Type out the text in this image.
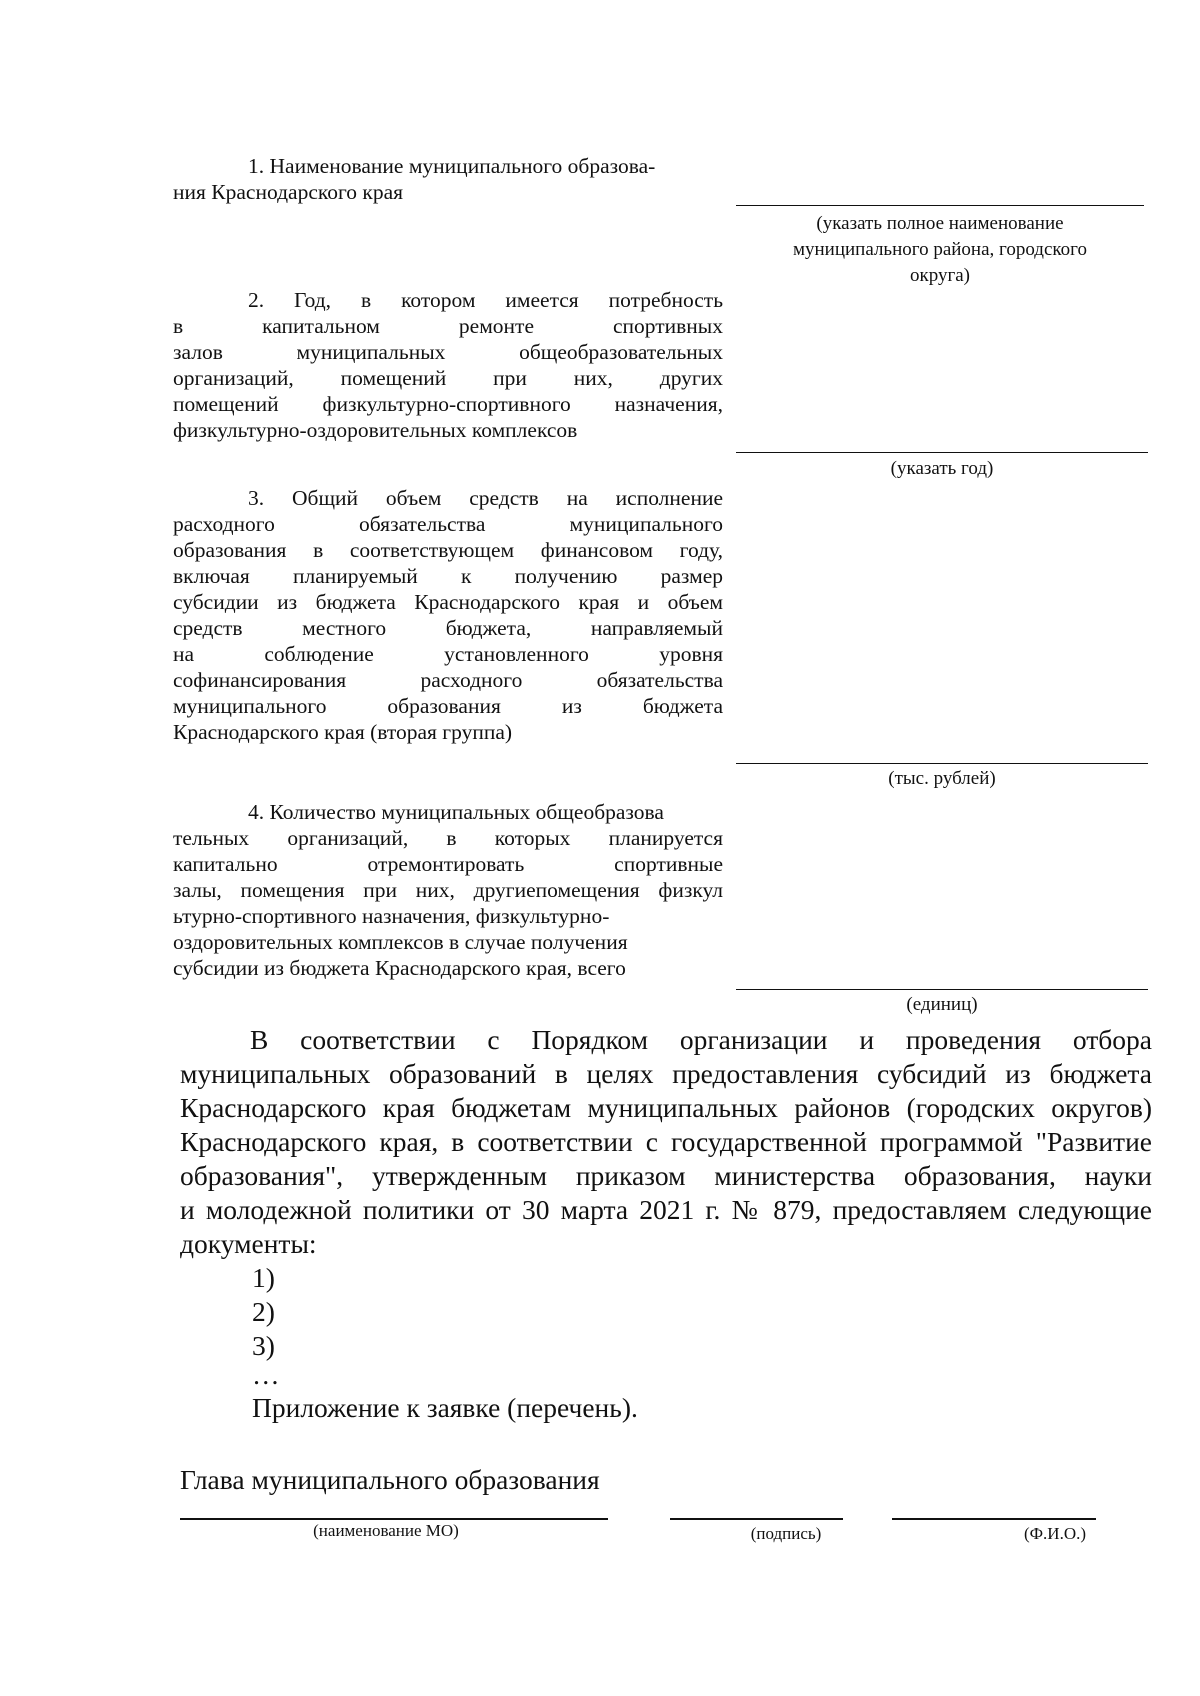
1. Наименование муниципального образова-
ния Краснодарского края
(указать полное наименование
муниципального района, городского
округа)
2. Год, в котором имеется потребность
в капитальном ремонте спортивных
залов муниципальных общеобразовательных
организаций, помещений при них, других
помещений физкультурно-спортивного назначения,
физкультурно-оздоровительных комплексов
(указать год)
3. Общий объем средств на исполнение
расходного обязательства муниципального
образования в соответствующем финансовом году,
включая планируемый к получению размер
субсидии из бюджета Краснодарского края и объем
средств местного бюджета, направляемый
на соблюдение установленного уровня
софинансирования расходного обязательства
муниципального образования из бюджета
Краснодарского края (вторая группа)
(тыс. рублей)
4. Количество муниципальных общеобразова
тельных организаций, в которых планируется
капитально отремонтировать спортивные
залы, помещения при них, другиепомещения физкул
ьтурно-спортивного назначения, физкультурно-
оздоровительных комплексов в случае получения
субсидии из бюджета Краснодарского края, всего
(единиц)
В соответствии с Порядком организации и проведения отбора
муниципальных образований в целях предоставления субсидий из бюджета
Краснодарского края бюджетам муниципальных районов (городских округов)
Краснодарского края, в соответствии с государственной программой "Развитие
образования", утвержденным приказом министерства образования, науки
и молодежной политики от 30 марта 2021 г. № 879, предоставляем следующие
документы:
1)
2)
3)
…
Приложение к заявке (перечень).
Глава муниципального образования
(наименование МО)	(подпись)	(Ф.И.О.)
